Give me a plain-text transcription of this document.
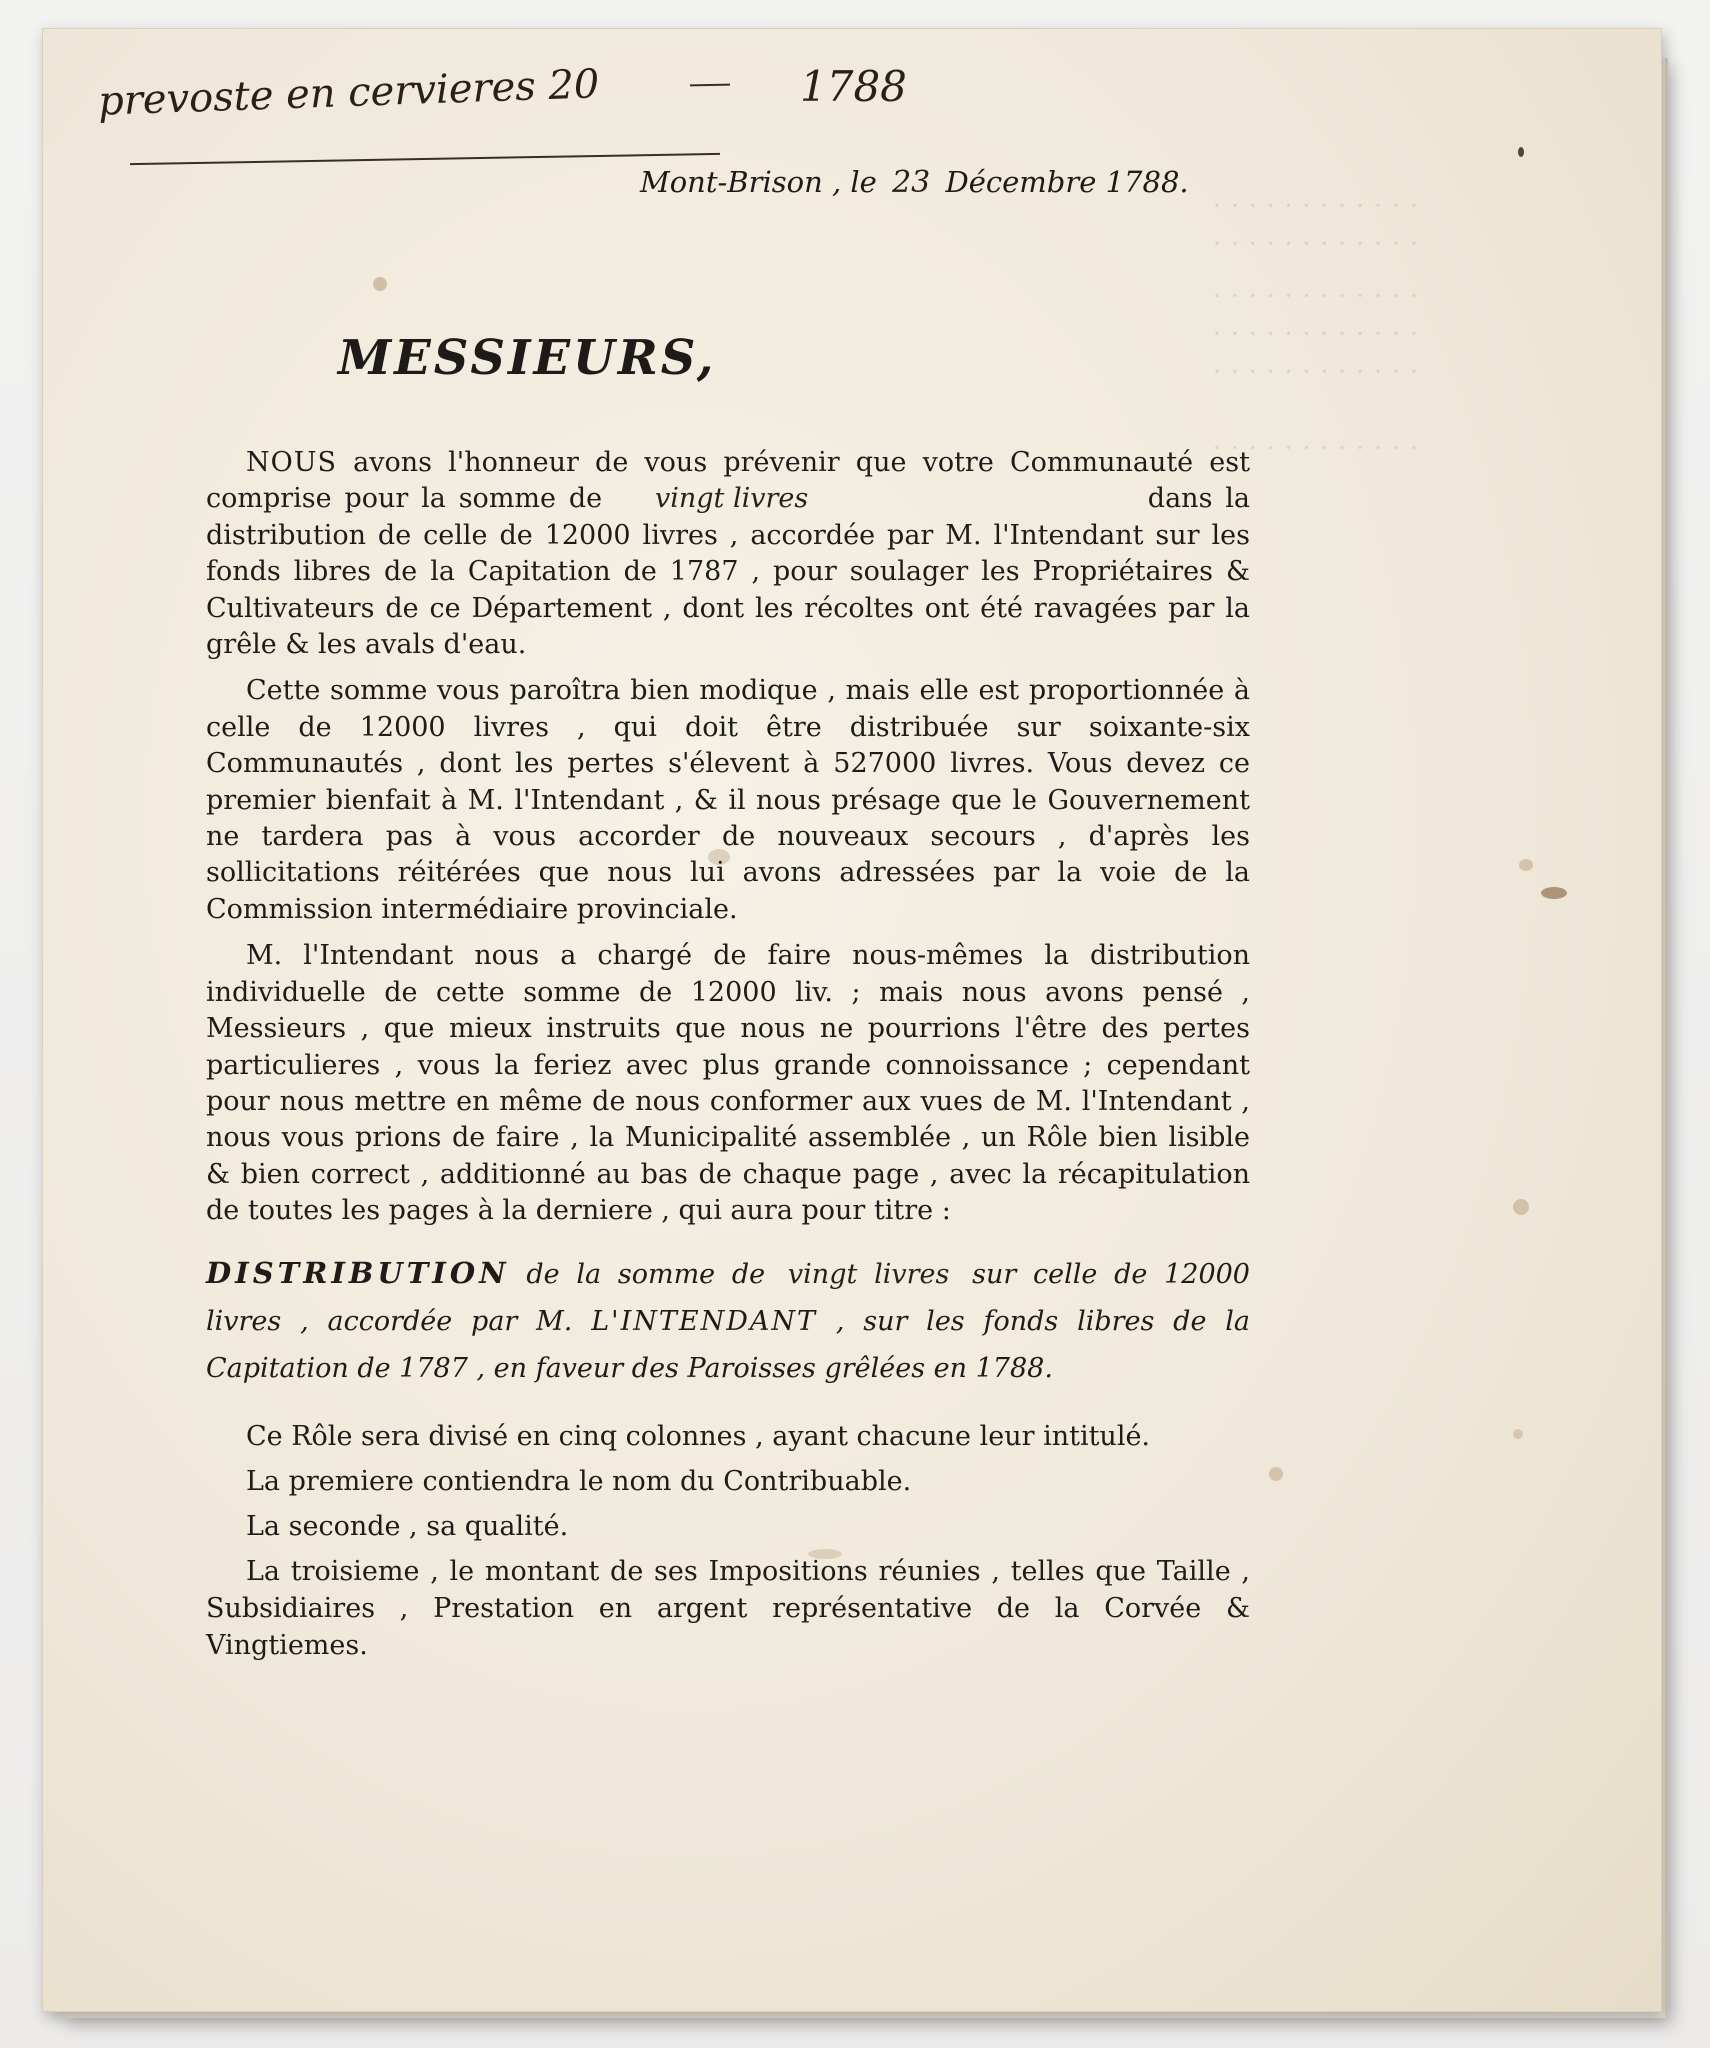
· · · · · · · · · · · ·
· · · · · · · · · · · ·
· · · · · · · · · · · ·
· · · · · · · · · · · ·
· · · · · · · · · · · ·
· · · · · · · · · · · ·
prevoste en cervieres 20	1788
Mont-Brison , le 23 Décembre 1788.
MESSIEURS,

NOUS avons l'honneur de vous prévenir que votre Communauté est comprise pour la somme de vingt livres	dans la distribution de celle de 12000 livres , accordée par M. l'Intendant sur les fonds libres de la Capitation de 1787 , pour soulager les Propriétaires & Cultivateurs de ce Département , dont les récoltes ont été ravagées par la grêle & les avals d'eau.

Cette somme vous paroîtra bien modique , mais elle est proportionnée à celle de 12000 livres , qui doit être distribuée sur soixante-six Communautés , dont les pertes s'élevent à 527000 livres. Vous devez ce premier bienfait à M. l'Intendant , & il nous présage que le Gouvernement ne tardera pas à vous accorder de nouveaux secours , d'après les sollicitations réitérées que nous lui avons adressées par la voie de la Commission intermédiaire provinciale.

M. l'Intendant nous a chargé de faire nous-mêmes la distribution individuelle de cette somme de 12000 liv. ; mais nous avons pensé , Messieurs , que mieux instruits que nous ne pourrions l'être des pertes particulieres , vous la feriez avec plus grande connoissance ; cependant pour nous mettre en même de nous conformer aux vues de M. l'Intendant , nous vous prions de faire , la Municipalité assemblée , un Rôle bien lisible & bien correct , additionné au bas de chaque page , avec la récapitulation de toutes les pages à la derniere , qui aura pour titre :

DISTRIBUTION de la somme de vingt livres sur celle de 12000 livres , accordée par M. L'INTENDANT , sur les fonds libres de la Capitation de 1787 , en faveur des Paroisses grêlées en 1788.

Ce Rôle sera divisé en cinq colonnes , ayant chacune leur intitulé.

La premiere contiendra le nom du Contribuable.

La seconde , sa qualité.

La troisieme , le montant de ses Impositions réunies , telles que Taille , Subsidiaires , Prestation en argent représentative de la Corvée & Vingtiemes.
